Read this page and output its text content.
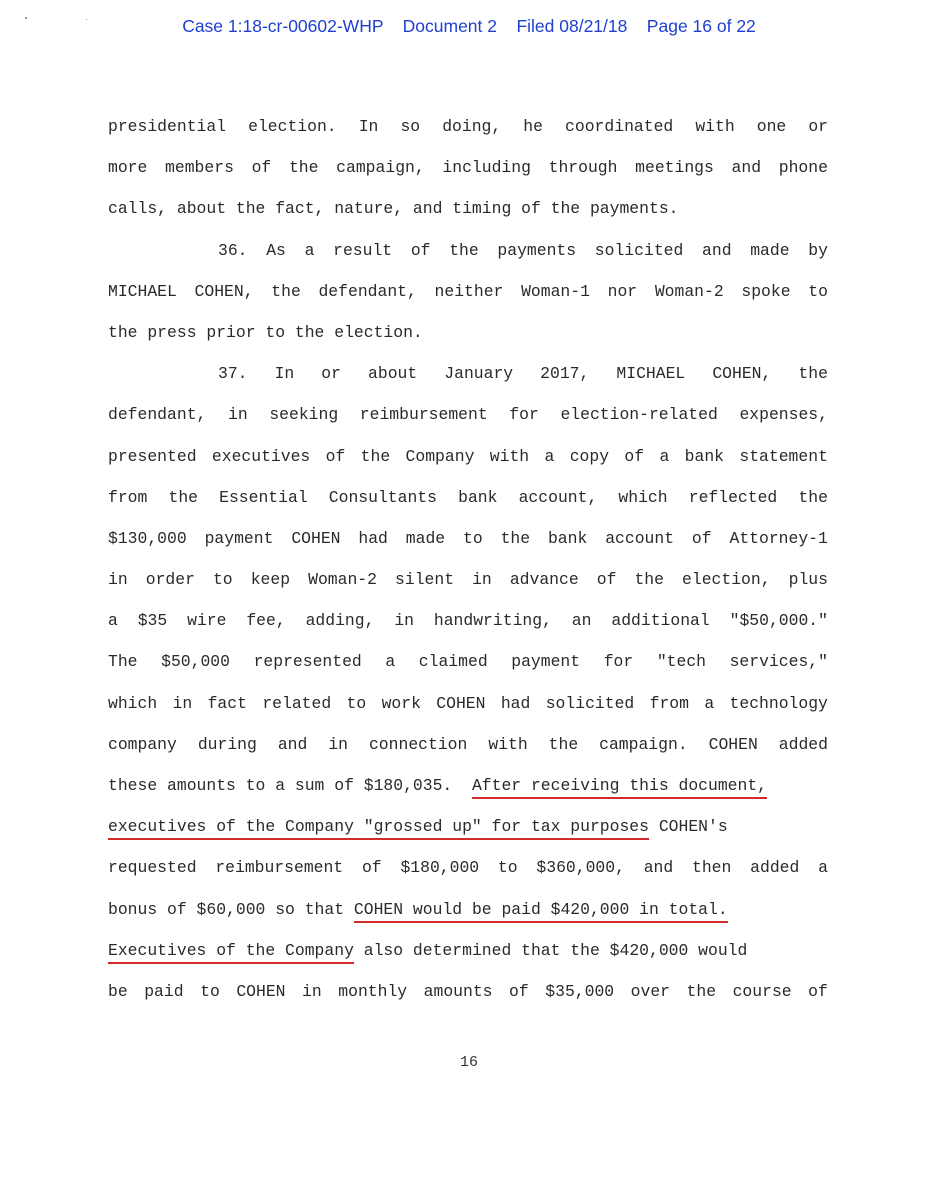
Case 1:18-cr-00602-WHP    Document 2    Filed 08/21/18    Page 16 of 22
presidential election. In so doing, he coordinated with one or
more members of the campaign, including through meetings and phone
calls, about the fact, nature, and timing of the payments.
36. As a result of the payments solicited and made by
MICHAEL COHEN, the defendant, neither Woman-1 nor Woman-2 spoke to
the press prior to the election.
37. In or about January 2017, MICHAEL COHEN, the
defendant, in seeking reimbursement for election-related expenses,
presented executives of the Company with a copy of a bank statement
from the Essential Consultants bank account, which reflected the
$130,000 payment COHEN had made to the bank account of Attorney-1
in order to keep Woman-2 silent in advance of the election, plus
a $35 wire fee, adding, in handwriting, an additional "$50,000."
The $50,000 represented a claimed payment for "tech services,"
which in fact related to work COHEN had solicited from a technology
company during and in connection with the campaign. COHEN added
these amounts to a sum of $180,035.  After receiving this document,
executives of the Company "grossed up" for tax purposes COHEN's
requested reimbursement of $180,000 to $360,000, and then added a
bonus of $60,000 so that COHEN would be paid $420,000 in total.
Executives of the Company also determined that the $420,000 would
be paid to COHEN in monthly amounts of $35,000 over the course of
16
